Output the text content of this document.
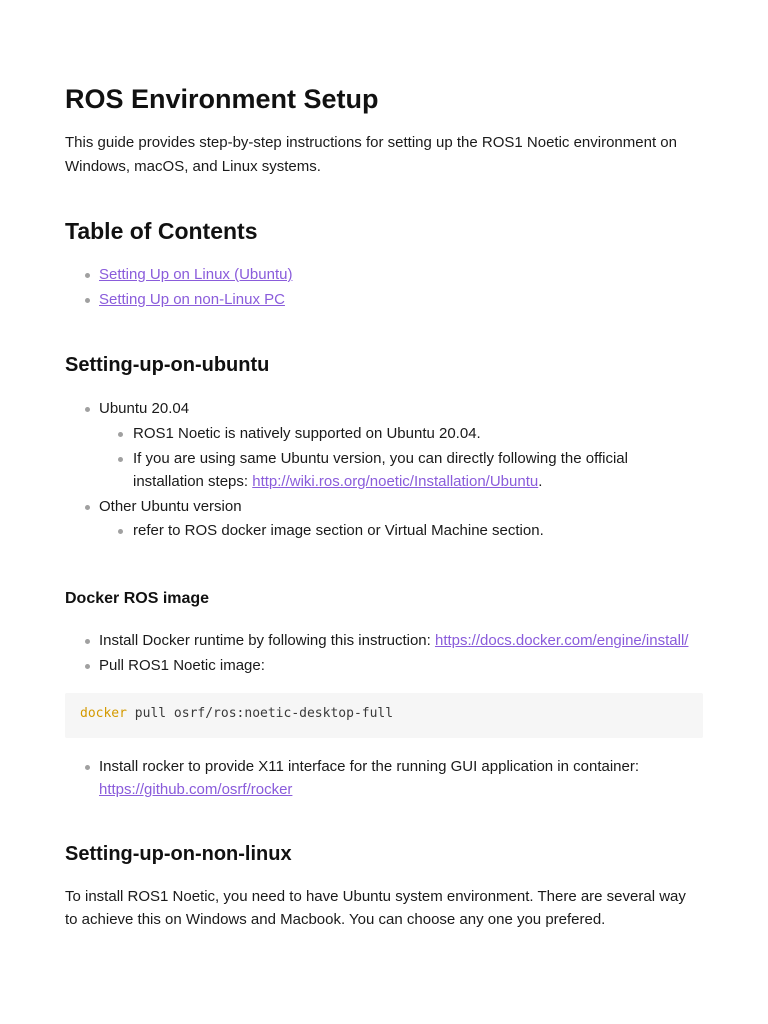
ROS Environment Setup

This guide provides step-by-step instructions for setting up the ROS1 Noetic environment on

Windows, macOS, and Linux systems.

Table of Contents
Setting Up on Linux (Ubuntu)
Setting Up on non-Linux PC
Setting-up-on-ubuntu
Ubuntu 20.04
ROS1 Noetic is natively supported on Ubuntu 20.04.
If you are using same Ubuntu version, you can directly following the official
installation steps: http://wiki.ros.org/noetic/Installation/Ubuntu.
Other Ubuntu version
refer to ROS docker image section or Virtual Machine section.
Docker ROS image
Install Docker runtime by following this instruction: https://docs.docker.com/engine/install/
Pull ROS1 Noetic image:
docker pull osrf/ros:noetic-desktop-full
Install rocker to provide X11 interface for the running GUI application in container:
https://github.com/osrf/rocker
Setting-up-on-non-linux

To install ROS1 Noetic, you need to have Ubuntu system environment. There are several way

to achieve this on Windows and Macbook. You can choose any one you prefered.
